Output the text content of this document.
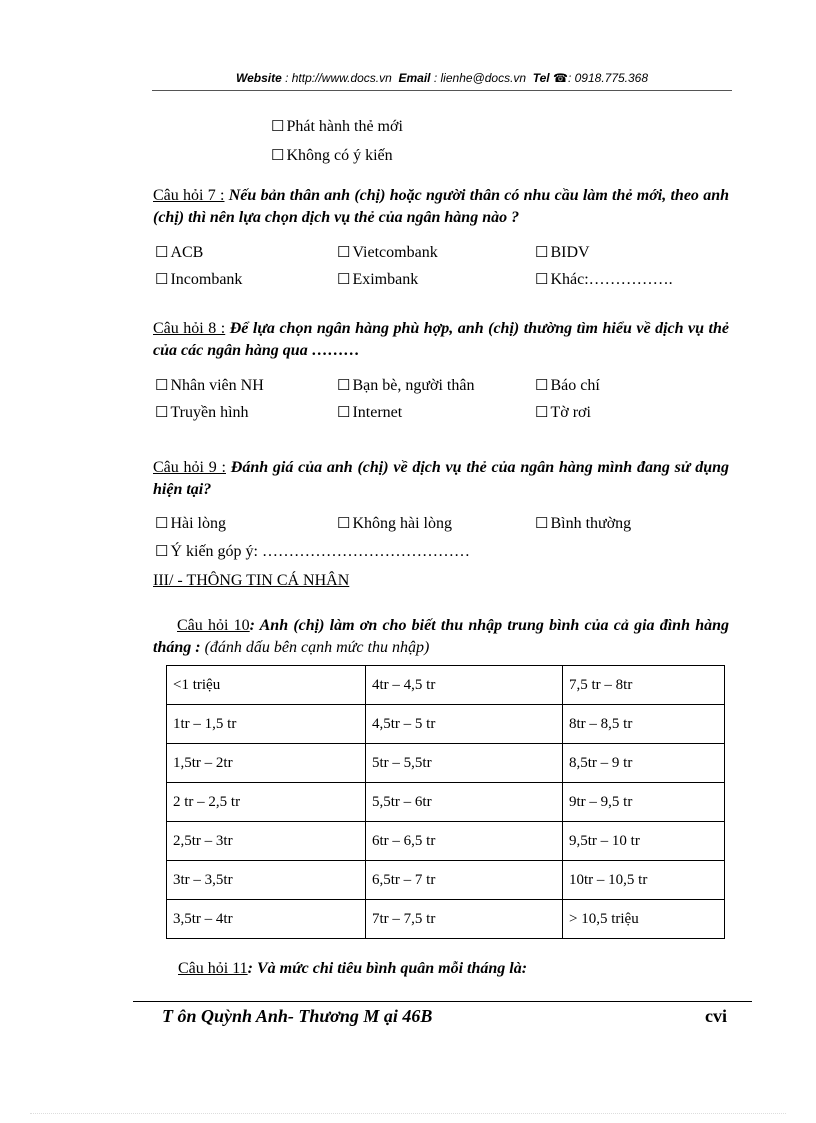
Website : http://www.docs.vn Email : lienhe@docs.vn Tel ☎: 0918.775.368
☐ Phát hành thẻ mới
☐ Không có ý kiến
Câu hỏi 7 : Nếu bản thân anh (chị) hoặc người thân có nhu cầu làm thẻ mới, theo anh (chị) thì nên lựa chọn dịch vụ thẻ của ngân hàng nào ?
☐ ACB	☐ Vietcombank	☐ BIDV
☐ Incombank	☐ Eximbank	☐ Khác:…………….
Câu hỏi 8 : Để lựa chọn ngân hàng phù hợp, anh (chị) thường tìm hiểu về dịch vụ thẻ của các ngân hàng qua ………
☐ Nhân viên NH	☐ Bạn bè, người thân	☐ Báo chí
☐ Truyền hình	☐ Internet	☐ Tờ rơi
Câu hỏi 9 : Đánh giá của anh (chị) về dịch vụ thẻ của ngân hàng mình đang sử dụng hiện tại?
☐ Hài lòng	☐ Không hài lòng	☐ Bình thường
☐ Ý kiến góp ý: …………………………………
III/ - THÔNG TIN CÁ NHÂN
Câu hỏi 10: Anh (chị) làm ơn cho biết thu nhập trung bình của cả gia đình hàng tháng : (đánh dấu bên cạnh mức thu nhập)
<1 triệu	4tr – 4,5 tr	7,5 tr – 8tr
1tr – 1,5 tr	4,5tr – 5 tr	8tr – 8,5 tr
1,5tr – 2tr	5tr – 5,5tr	8,5tr – 9 tr
2 tr – 2,5 tr	5,5tr – 6tr	9tr – 9,5 tr
2,5tr – 3tr	6tr – 6,5 tr	9,5tr – 10 tr
3tr – 3,5tr	6,5tr – 7 tr	10tr – 10,5 tr
3,5tr – 4tr	7tr – 7,5 tr	> 10,5 triệu
Câu hỏi 11: Và mức chi tiêu bình quân mỗi tháng là:
T ôn Quỳnh Anh- Thương M ại 46B	cvi
